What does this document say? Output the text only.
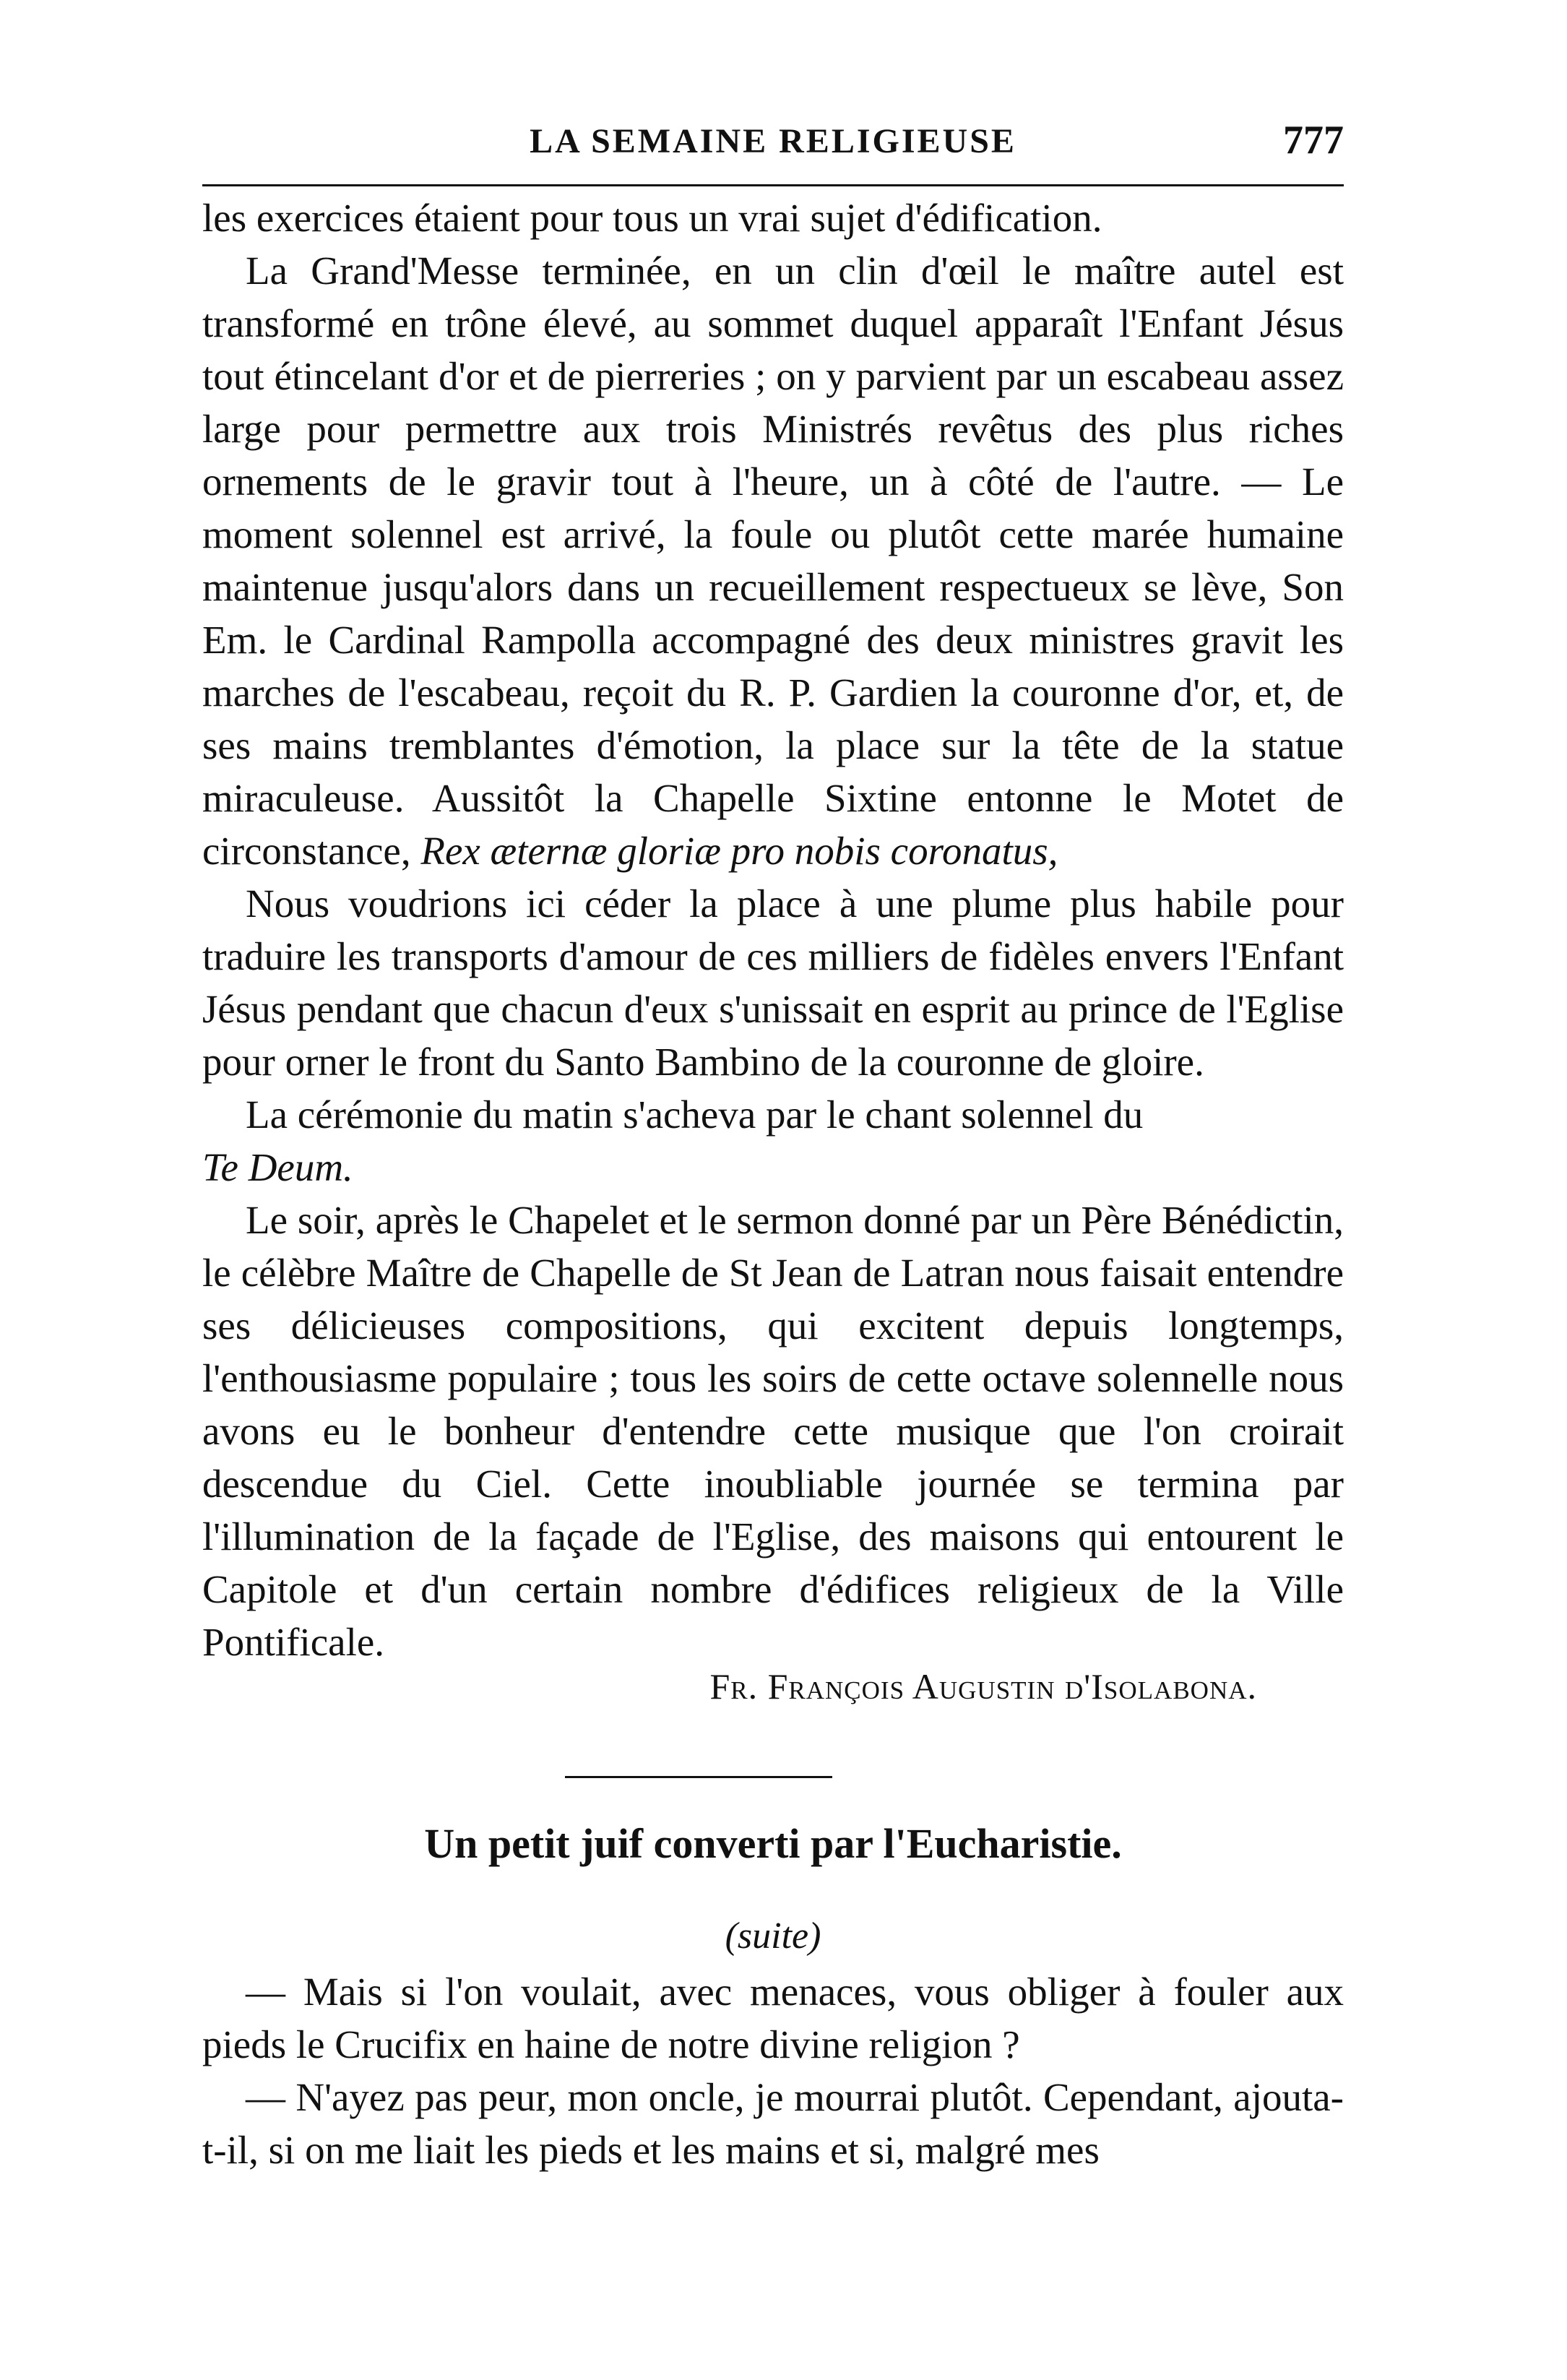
LA SEMAINE RELIGIEUSE	777

les exercices étaient pour tous un vrai sujet d'édification.

La Grand'Messe terminée, en un clin d'œil le maître autel est transformé en trône élevé, au sommet duquel apparaît l'Enfant Jésus tout étincelant d'or et de pierreries ; on y parvient par un escabeau assez large pour permettre aux trois Ministrés revêtus des plus riches ornements de le gravir tout à l'heure, un à côté de l'autre. — Le moment solennel est arrivé, la foule ou plutôt cette marée humaine maintenue jusqu'alors dans un recueillement respectueux se lève, Son Em. le Cardinal Rampolla accompagné des deux ministres gravit les marches de l'escabeau, reçoit du R. P. Gardien la couronne d'or, et, de ses mains tremblantes d'émotion, la place sur la tête de la statue miraculeuse. Aussitôt la Chapelle Sixtine entonne le Motet de circonstance, Rex æternæ gloriæ pro nobis coronatus,

Nous voudrions ici céder la place à une plume plus habile pour traduire les transports d'amour de ces milliers de fidèles envers l'Enfant Jésus pendant que chacun d'eux s'unissait en esprit au prince de l'Eglise pour orner le front du Santo Bambino de la couronne de gloire.

La cérémonie du matin s'acheva par le chant solennel du

Te Deum.

Le soir, après le Chapelet et le sermon donné par un Père Bénédictin, le célèbre Maître de Chapelle de St Jean de Latran nous faisait entendre ses délicieuses compositions, qui excitent depuis longtemps, l'enthousiasme populaire ; tous les soirs de cette octave solennelle nous avons eu le bonheur d'entendre cette musique que l'on croirait descendue du Ciel. Cette inoubliable journée se termina par l'illumination de la façade de l'Eglise, des maisons qui entourent le Capitole et d'un certain nombre d'édifices religieux de la Ville Pontificale.

Fr. François Augustin d'Isolabona.
Un petit juif converti par l'Eucharistie.
(suite)

— Mais si l'on voulait, avec menaces, vous obliger à fouler aux pieds le Crucifix en haine de notre divine religion ?

— N'ayez pas peur, mon oncle, je mourrai plutôt. Cependant, ajouta-t-il, si on me liait les pieds et les mains et si, malgré mes
